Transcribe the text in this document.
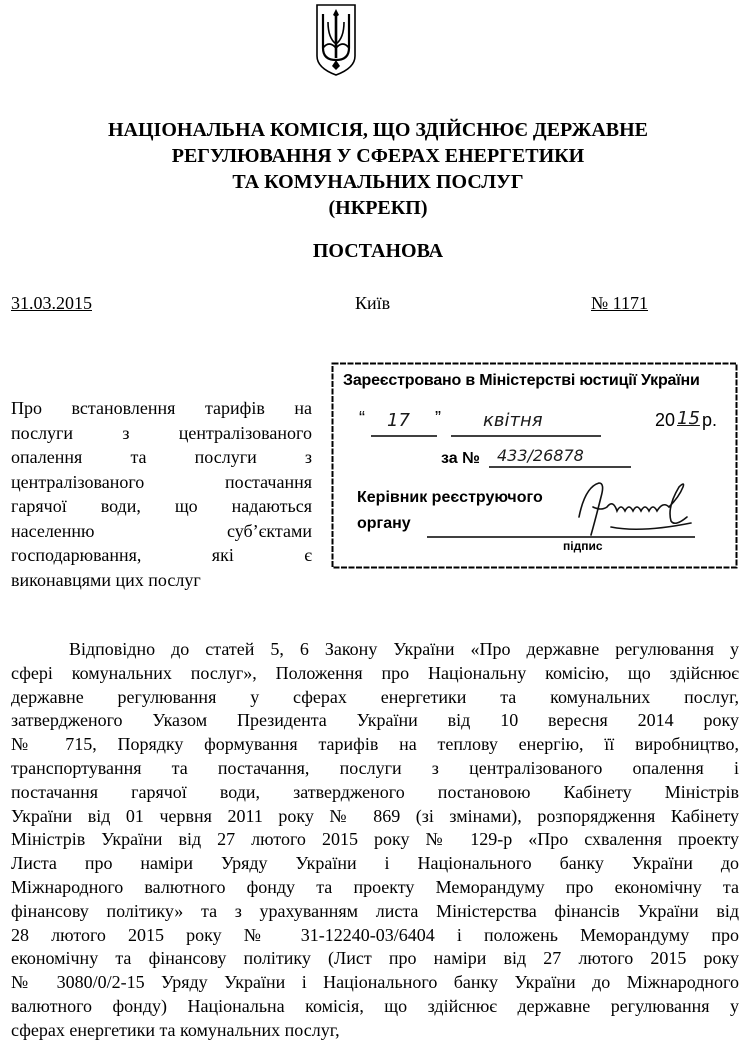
НАЦІОНАЛЬНА КОМІСІЯ, ЩО ЗДІЙСНЮЄ ДЕРЖАВНЕ
РЕГУЛЮВАННЯ У СФЕРАХ ЕНЕРГЕТИКИ
ТА КОМУНАЛЬНИХ ПОСЛУГ
(НКРЕКП)
ПОСТАНОВА
31.03.2015	Київ	№ 1171
Про встановлення тарифів на
послуги з централізованого
опалення та послуги з
централізованого постачання
гарячої води, що надаються
населенню суб’єктами
господарювання, які є
виконавцями цих послуг
Зареєстровано в Міністерстві юстиції України
“ 17 ” квітня	20 15 р.
за № 433/26878
Керівник реєструючого
органу
підпис
Відповідно до статей 5, 6 Закону України «Про державне регулювання у
сфері комунальних послуг», Положення про Національну комісію, що здійснює
державне регулювання у сферах енергетики та комунальних послуг,
затвердженого Указом Президента України від 10 вересня 2014 року
№ 715, Порядку формування тарифів на теплову енергію, її виробництво,
транспортування та постачання, послуги з централізованого опалення і
постачання гарячої води, затвердженого постановою Кабінету Міністрів
України від 01 червня 2011 року № 869 (зі змінами), розпорядження Кабінету
Міністрів України від 27 лютого 2015 року № 129-р «Про схвалення проекту
Листа про наміри Уряду України і Національного банку України до
Міжнародного валютного фонду та проекту Меморандуму про економічну та
фінансову політику» та з урахуванням листа Міністерства фінансів України від
28 лютого 2015 року № 31-12240-03/6404 і положень Меморандуму про
економічну та фінансову політику (Лист про наміри від 27 лютого 2015 року
№ 3080/0/2-15 Уряду України і Національного банку України до Міжнародного
валютного фонду) Національна комісія, що здійснює державне регулювання у
сферах енергетики та комунальних послуг,
